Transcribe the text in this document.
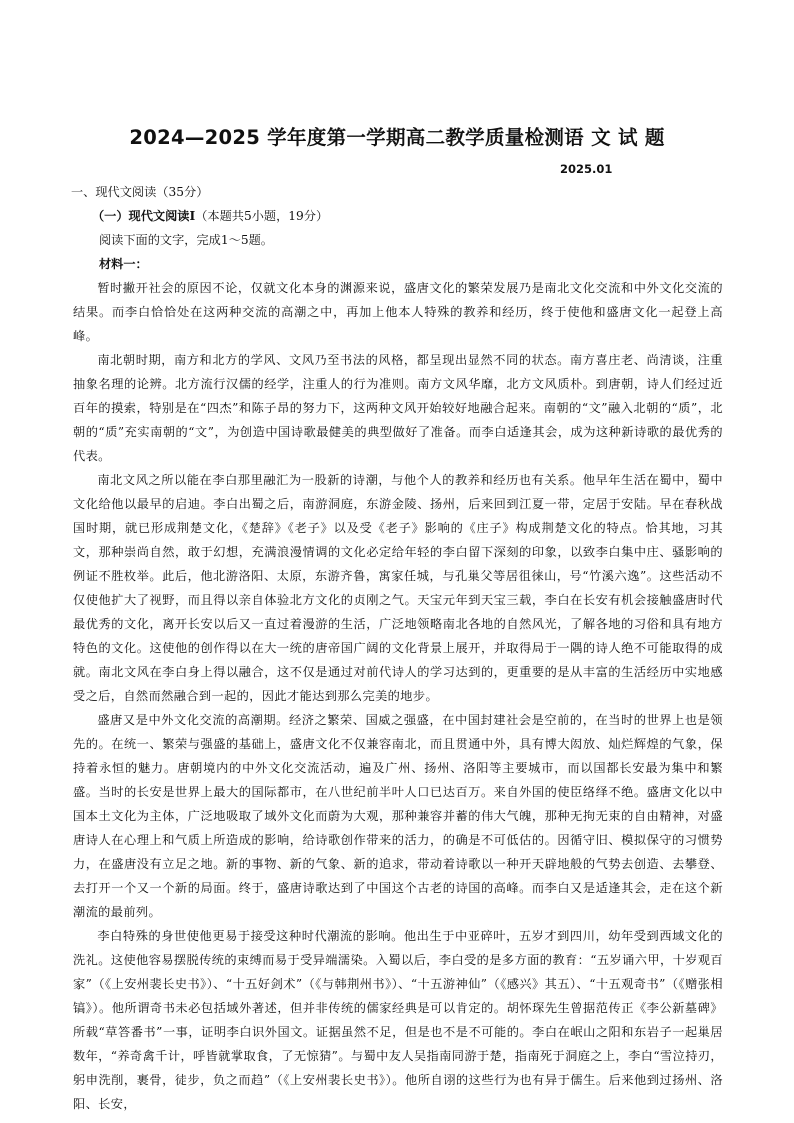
2024—2025 学年度第一学期高二教学质量检测语 文 试 题
2025.01
一、现代文阅读（35分）
（一）现代文阅读Ⅰ（本题共5小题，19分）
阅读下面的文字，完成1～5题。
材料一：

暂时撇开社会的原因不论，仅就文化本身的渊源来说，盛唐文化的繁荣发展乃是南北文化交流和中外文化交流的结果。而李白恰恰处在这两种交流的高潮之中，再加上他本人特殊的教养和经历，终于使他和盛唐文化一起登上高峰。

南北朝时期，南方和北方的学风、文风乃至书法的风格，都呈现出显然不同的状态。南方喜庄老、尚清谈，注重抽象名理的论辨。北方流行汉儒的经学，注重人的行为准则。南方文风华靡，北方文风质朴。到唐朝，诗人们经过近百年的摸索，特别是在“四杰”和陈子昂的努力下，这两种文风开始较好地融合起来。南朝的“文”融入北朝的“质”，北朝的“质”充实南朝的“文”，为创造中国诗歌最健美的典型做好了准备。而李白适逢其会，成为这种新诗歌的最优秀的代表。

南北文风之所以能在李白那里融汇为一股新的诗潮，与他个人的教养和经历也有关系。他早年生活在蜀中，蜀中文化给他以最早的启迪。李白出蜀之后，南游洞庭，东游金陵、扬州，后来回到江夏一带，定居于安陆。早在春秋战国时期，就已形成荆楚文化，《楚辞》《老子》以及受《老子》影响的《庄子》构成荆楚文化的特点。恰其地，习其文，那种崇尚自然，敢于幻想，充满浪漫情调的文化必定给年轻的李白留下深刻的印象，以致李白集中庄、骚影响的例证不胜枚举。此后，他北游洛阳、太原，东游齐鲁，寓家任城，与孔巢父等居徂徕山，号“竹溪六逸”。这些活动不仅使他扩大了视野，而且得以亲自体验北方文化的贞刚之气。天宝元年到天宝三载，李白在长安有机会接触盛唐时代最优秀的文化，离开长安以后又一直过着漫游的生活，广泛地领略南北各地的自然风光，了解各地的习俗和具有地方特色的文化。这使他的创作得以在大一统的唐帝国广阔的文化背景上展开，并取得局于一隅的诗人绝不可能取得的成就。南北文风在李白身上得以融合，这不仅是通过对前代诗人的学习达到的，更重要的是从丰富的生活经历中实地感受之后，自然而然融合到一起的，因此才能达到那么完美的地步。

盛唐又是中外文化交流的高潮期。经济之繁荣、国威之强盛，在中国封建社会是空前的，在当时的世界上也是领先的。在统一、繁荣与强盛的基础上，盛唐文化不仅兼容南北，而且贯通中外，具有博大闳放、灿烂辉煌的气象，保持着永恒的魅力。唐朝境内的中外文化交流活动，遍及广州、扬州、洛阳等主要城市，而以国都长安最为集中和繁盛。当时的长安是世界上最大的国际都市，在八世纪前半叶人口已达百万。来自外国的使臣络绎不绝。盛唐文化以中国本土文化为主体，广泛地吸取了域外文化而蔚为大观，那种兼容并蓄的伟大气魄，那种无拘无束的自由精神，对盛唐诗人在心理上和气质上所造成的影响，给诗歌创作带来的活力，的确是不可低估的。因循守旧、模拟保守的习惯势力，在盛唐没有立足之地。新的事物、新的气象、新的追求，带动着诗歌以一种开天辟地般的气势去创造、去攀登、去打开一个又一个新的局面。终于，盛唐诗歌达到了中国这个古老的诗国的高峰。而李白又是适逢其会，走在这个新潮流的最前列。

李白特殊的身世使他更易于接受这种时代潮流的影响。他出生于中亚碎叶，五岁才到四川，幼年受到西域文化的洗礼。这使他容易摆脱传统的束缚而易于受异端濡染。入蜀以后，李白受的是多方面的教育：“五岁诵六甲，十岁观百家”（《上安州裴长史书》）、“十五好剑术”（《与韩荆州书》）、“十五游神仙”（《感兴》其五）、“十五观奇书”（《赠张相镐》）。他所谓奇书未必包括域外著述，但并非传统的儒家经典是可以肯定的。胡怀琛先生曾据范传正《李公新墓碑》所载“草答番书”一事，证明李白识外国文。证据虽然不足，但是也不是不可能的。李白在岷山之阳和东岩子一起巢居数年，“养奇禽千计，呼皆就掌取食，了无惊猜”。与蜀中友人吴指南同游于楚，指南死于洞庭之上，李白“雪泣持刃，躬申洗削，裹骨，徒步，负之而趋”（《上安州裴长史书》）。他所自诩的这些行为也有异于儒生。后来他到过扬州、洛阳、长安，
